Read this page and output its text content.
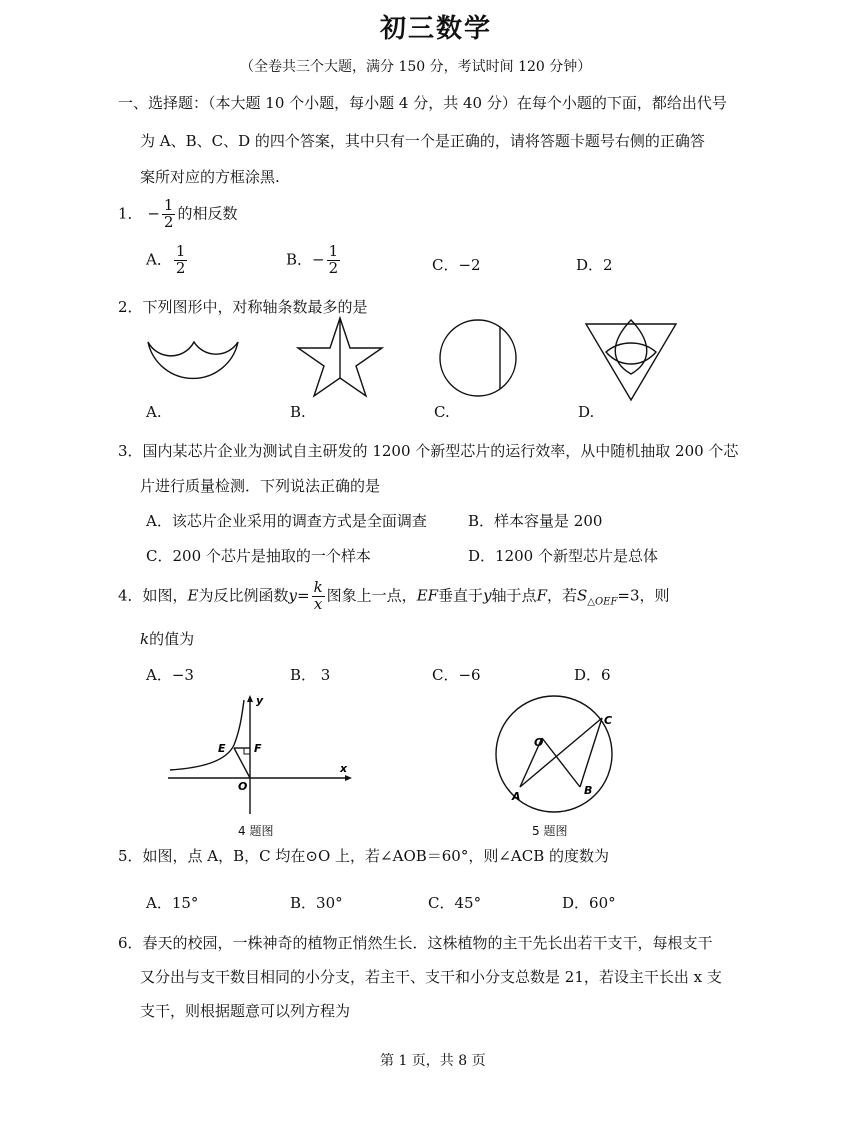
初三数学
（全卷共三个大题，满分 150 分，考试时间 120 分钟）
一、选择题：（本大题 10 个小题，每小题 4 分，共 40 分）在每个小题的下面，都给出代号
为 A、B、C、D 的四个答案，其中只有一个是正确的，请将答题卡题号右侧的正确答
案所对应的方框涂黑.
1． − $\frac{1}{2}$ 的相反数
A． $\frac{1}{2}$	B．− $\frac{1}{2}$	C．−2	D．2
2．下列图形中，对称轴条数最多的是
A.	B.	C.	D.
3．国内某芯片企业为测试自主研发的 1200 个新型芯片的运行效率，从中随机抽取 200 个芯
片进行质量检测．下列说法正确的是
A．该芯片企业采用的调查方式是全面调查	B．样本容量是 200
C．200 个芯片是抽取的一个样本	D．1200 个新型芯片是总体
4．如图，E为反比例函数$y= \frac{k}{x}$ 图象上一点，EF垂直于y轴于点F，若$S_{\triangle OEF}=3$，则
k的值为
A．−3	B． 3	C．−6	D．6
E	F
O
x
y
4 题图
O
A	B
C
5 题图
5．如图，点 A，B，C 均在⊙O 上，若∠AOB＝60°，则∠ACB 的度数为
A．15°	B．30°	C．45°	D．60°
6．春天的校园，一株神奇的植物正悄然生长．这株植物的主干先长出若干支干，每根支干
又分出与支干数目相同的小分支，若主干、支干和小分支总数是 21，若设主干长出 x 支
支干，则根据题意可以列方程为
第 1 页，共 8 页
